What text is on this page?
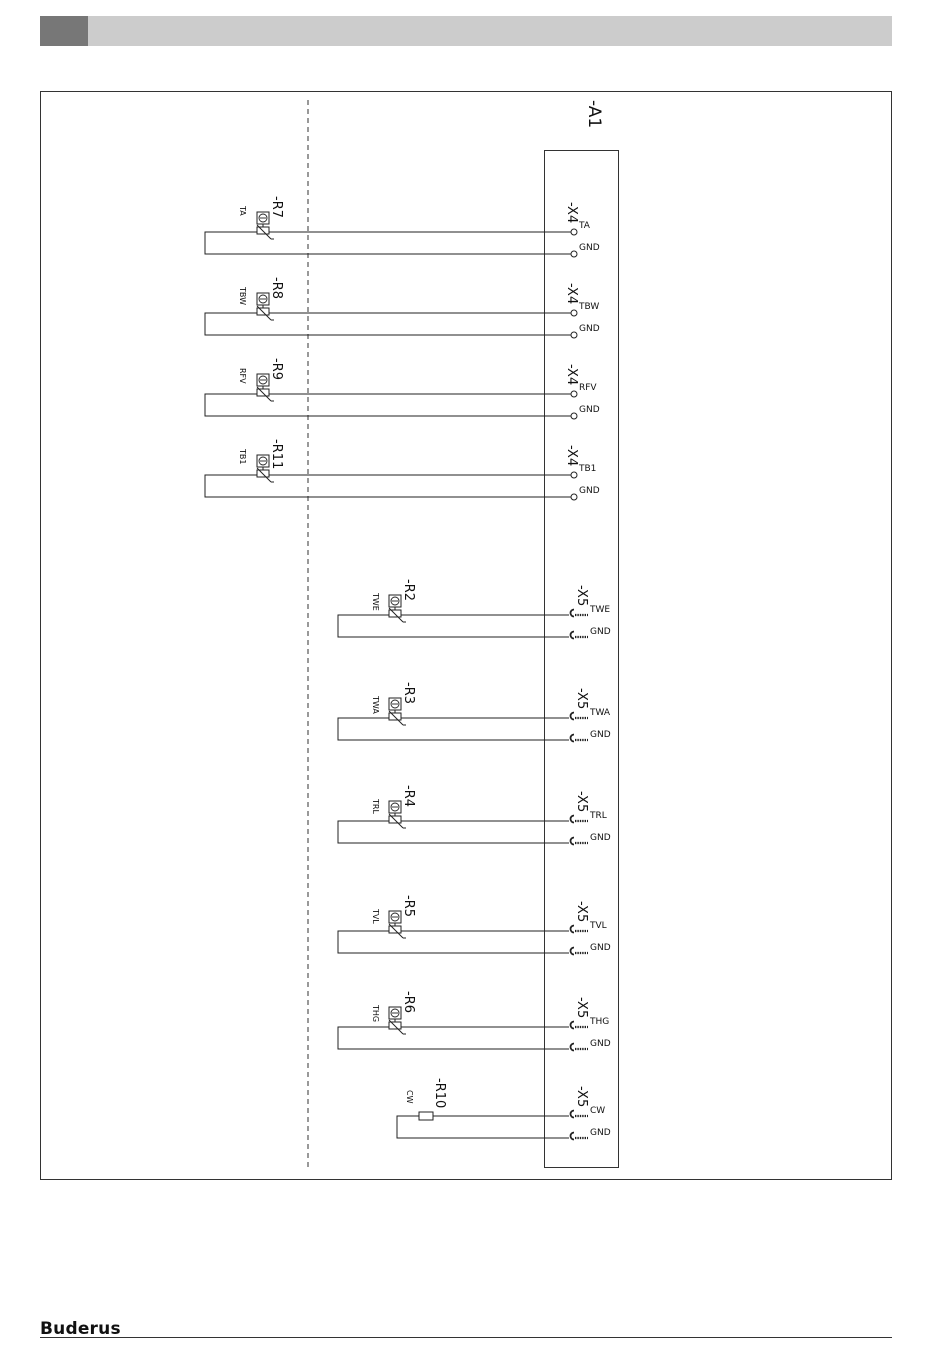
-A1
-R7
TA	-X4
TA
GND
-R8
TBW	-X4
TBW
GND
-R9
RFV	-X4
RFV
GND
-R11
TB1	-X4
TB1
GND
-R2
TWE	-X5
TWE
GND
-R3
TWA	-X5
TWA
GND
-R4
TRL	-X5
TRL
GND
-R5
TVL	-X5
TVL
GND
-R6
THG	-X5
THG
GND
-R10
CW	-X5
CW
GND
Buderus
